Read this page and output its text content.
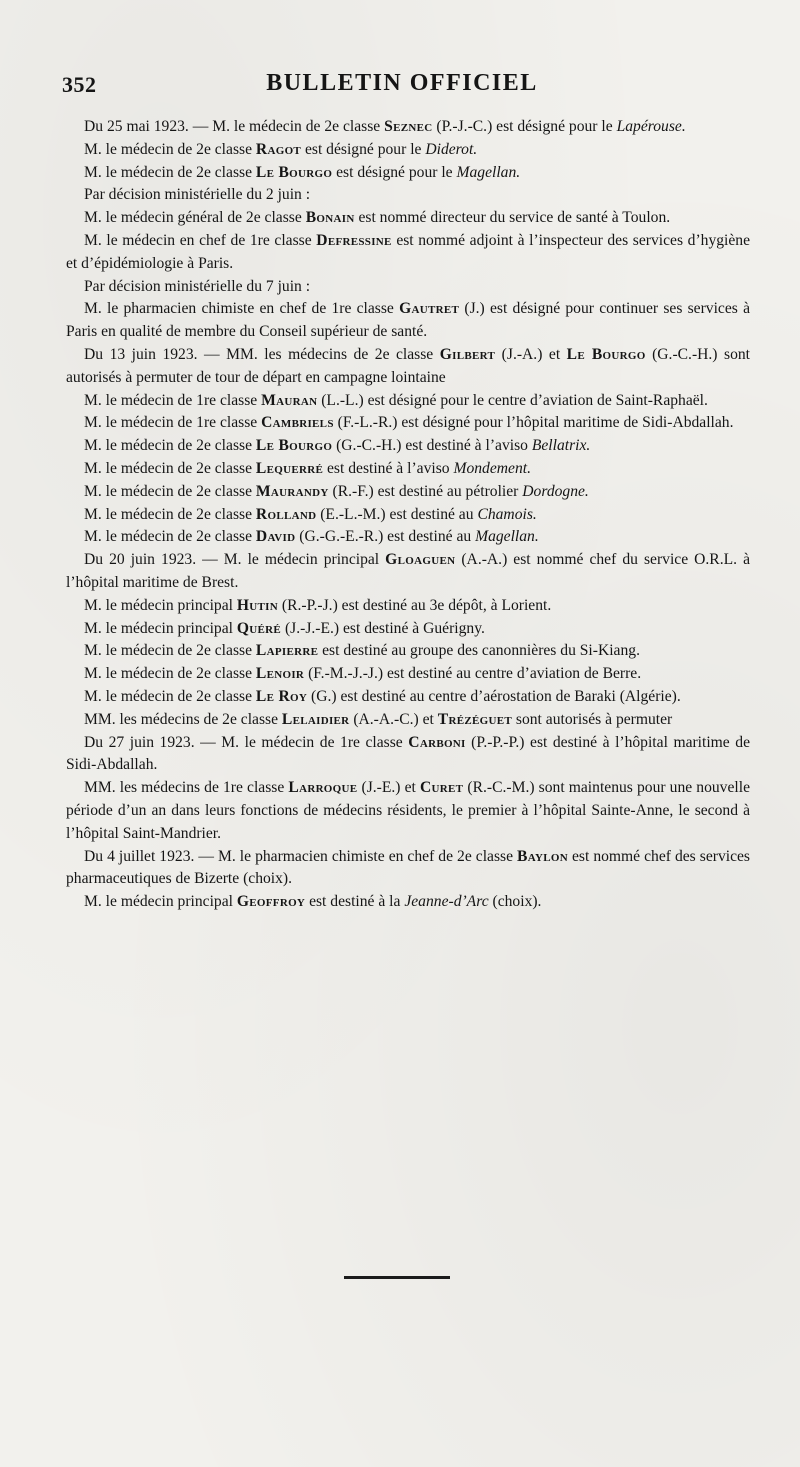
352	BULLETIN OFFICIEL

Du 25 mai 1923. — M. le médecin de 2e classe Seznec (P.-J.-C.) est désigné pour le Lapérouse.

M. le médecin de 2e classe Ragot est désigné pour le Diderot.

M. le médecin de 2e classe Le Bourgo est désigné pour le Magellan.

Par décision ministérielle du 2 juin :

M. le médecin général de 2e classe Bonain est nommé directeur du service de santé à Toulon.

M. le médecin en chef de 1re classe Defressine est nommé adjoint à l’inspecteur des services d’hygiène et d’épidémiologie à Paris.

Par décision ministérielle du 7 juin :

M. le pharmacien chimiste en chef de 1re classe Gautret (J.) est désigné pour continuer ses services à Paris en qualité de membre du Conseil supérieur de santé.

Du 13 juin 1923. — MM. les médecins de 2e classe Gilbert (J.-A.) et Le Bourgo (G.-C.-H.) sont autorisés à permuter de tour de départ en campagne lointaine

M. le médecin de 1re classe Mauran (L.-L.) est désigné pour le centre d’aviation de Saint-Raphaël.

M. le médecin de 1re classe Cambriels (F.-L.-R.) est désigné pour l’hôpital maritime de Sidi-Abdallah.

M. le médecin de 2e classe Le Bourgo (G.-C.-H.) est destiné à l’aviso Bellatrix.

M. le médecin de 2e classe Lequerré est destiné à l’aviso Mondement.

M. le médecin de 2e classe Maurandy (R.-F.) est destiné au pétrolier Dordogne.

M. le médecin de 2e classe Rolland (E.-L.-M.) est destiné au Chamois.

M. le médecin de 2e classe David (G.-G.-E.-R.) est destiné au Magellan.

Du 20 juin 1923. — M. le médecin principal Gloaguen (A.-A.) est nommé chef du service O.R.L. à l’hôpital maritime de Brest.

M. le médecin principal Hutin (R.-P.-J.) est destiné au 3e dépôt, à Lorient.

M. le médecin principal Quéré (J.-J.-E.) est destiné à Guérigny.

M. le médecin de 2e classe Lapierre est destiné au groupe des canonnières du Si-Kiang.

M. le médecin de 2e classe Lenoir (F.-M.-J.-J.) est destiné au centre d’aviation de Berre.

M. le médecin de 2e classe Le Roy (G.) est destiné au centre d’aérostation de Baraki (Algérie).

MM. les médecins de 2e classe Lelaidier (A.-A.-C.) et Trézéguet sont autorisés à permuter

Du 27 juin 1923. — M. le médecin de 1re classe Carboni (P.-P.-P.) est destiné à l’hôpital maritime de Sidi-Abdallah.

MM. les médecins de 1re classe Larroque (J.-E.) et Curet (R.-C.-M.) sont maintenus pour une nouvelle période d’un an dans leurs fonctions de médecins résidents, le premier à l’hôpital Sainte-Anne, le second à l’hôpital Saint-Mandrier.

Du 4 juillet 1923. — M. le pharmacien chimiste en chef de 2e classe Baylon est nommé chef des services pharmaceutiques de Bizerte (choix).

M. le médecin principal Geoffroy est destiné à la Jeanne-d’Arc (choix).
